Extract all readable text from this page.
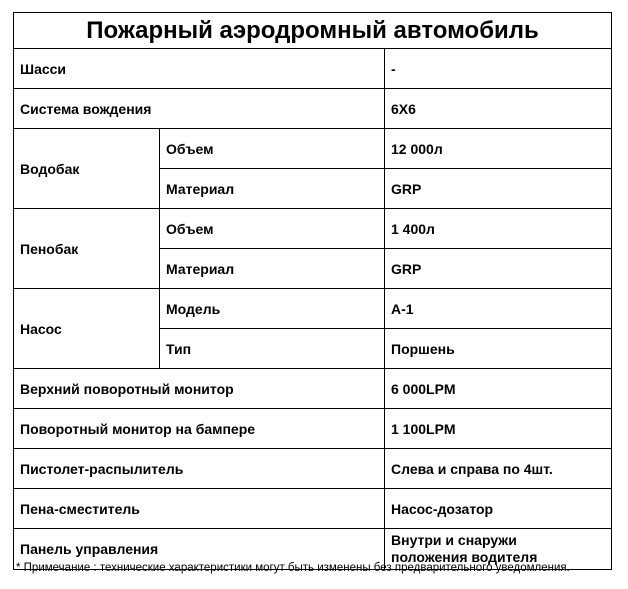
Пожарный аэродромный автомобиль		
Шасси		-
Система вождения		6X6
Водобак	Объем	12 000л
	Материал	GRP
Пенобак	Объем	1 400л
	Материал	GRP
Насос	Модель	A-1
	Тип	Поршень
Верхний поворотный монитор		6 000LPM
Поворотный монитор на бампере		1 100LPM
Пистолет-распылитель		Слева и справа по 4шт.
Пена-сместитель		Насос-дозатор
Панель управления		Внутри и снаружи
положения водителя
* Примечание : технические характеристики могут быть изменены без предварительного уведомления.
